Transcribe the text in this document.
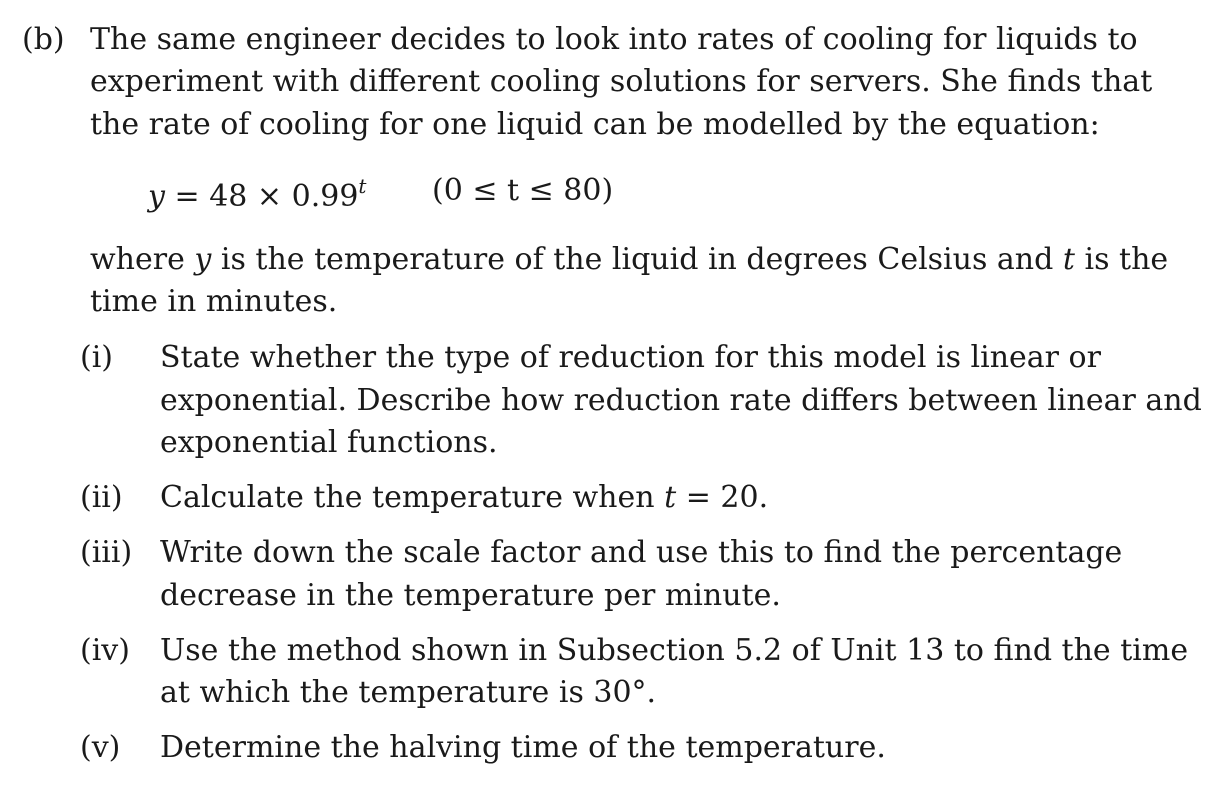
(b) The same engineer decides to look into rates of cooling for liquids to
experiment with different cooling solutions for servers. She finds that
the rate of cooling for one liquid can be modelled by the equation:
$y = 48 \times 0.99^t$ (0 ≤ t ≤ 80)
where y is the temperature of the liquid in degrees Celsius and t is the
time in minutes.
(i) State whether the type of reduction for this model is linear or
exponential. Describe how reduction rate differs between linear and
exponential functions.
(ii) Calculate the temperature when t = 20.
(iii) Write down the scale factor and use this to find the percentage
decrease in the temperature per minute.
(iv) Use the method shown in Subsection 5.2 of Unit 13 to find the time
at which the temperature is 30°.
(v) Determine the halving time of the temperature.
